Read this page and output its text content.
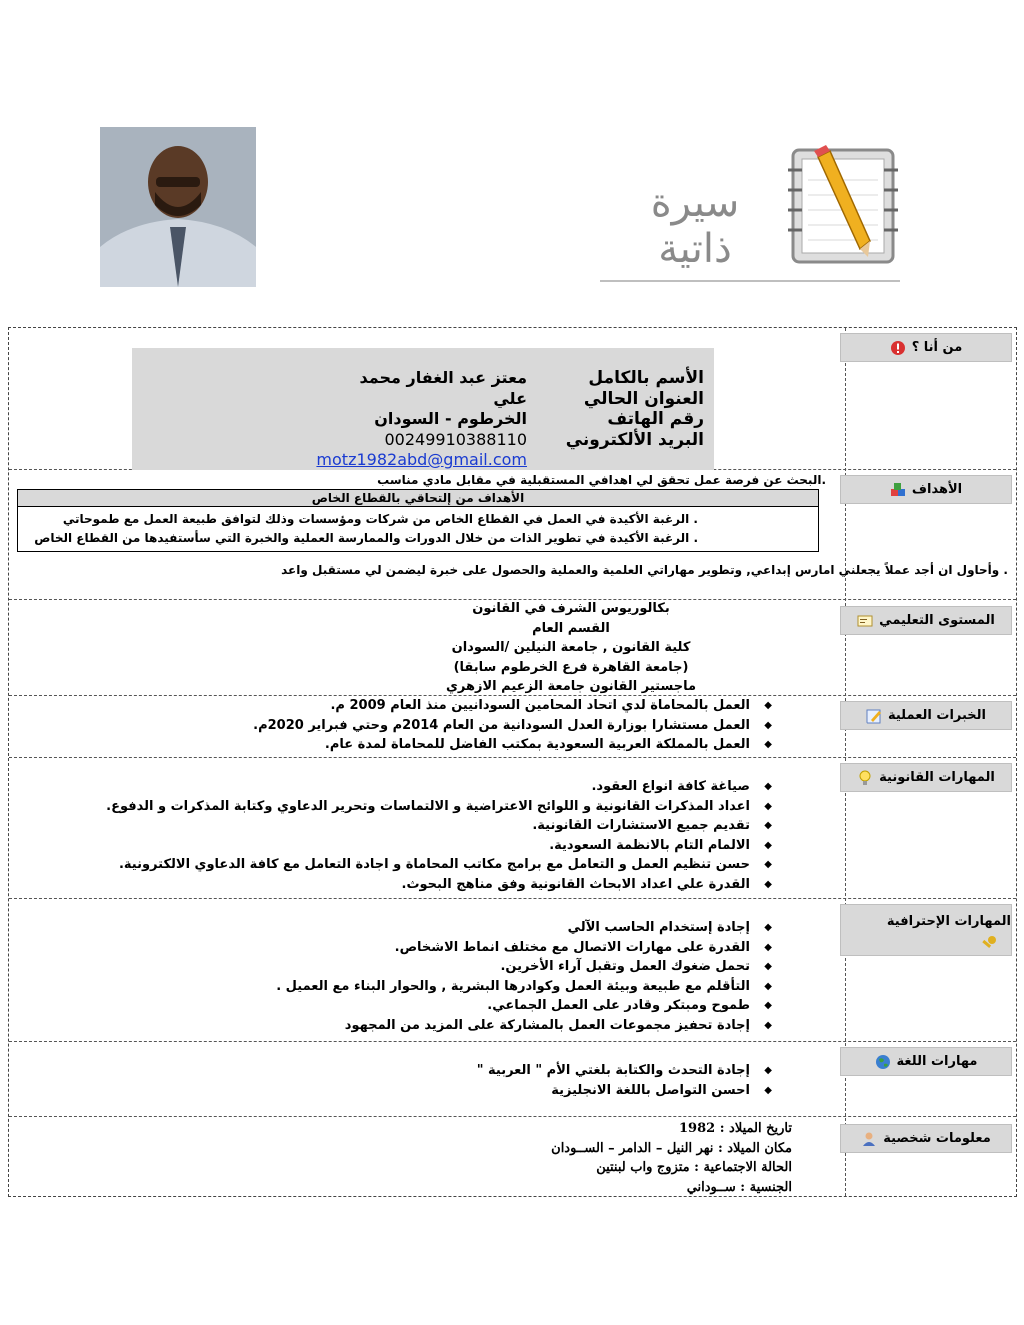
سيرة ذاتية
من أنا ؟
الأسم بالكامل
العنوان الحالي
رقم الهاتف
البريد الألكتروني
معتز عبد الغفار محمد علي
الخرطوم - السودان
00249910388110
motz1982abd@gmail.com
الأهداف
.البحث عن فرصة عمل تحقق لي اهدافي المستقبلية في مقابل مادي مناسب
الأهداف من إلتحاقي بالقطاع الخاص
. الرغبة الأكيدة في العمل في القطاع الخاص من شركات ومؤسسات وذلك لتوافق طبيعة العمل مع طموحاتي
. الرغبة الأكيدة في تطوير الذات من خلال الدورات والممارسة العملية والخبرة التي سأستفيدها من القطاع الخاص
. وأحاول ان أجد عملاً يجعلني امارس إبداعي, وتطوير مهاراتي العلمية والعملية والحصول على خبرة ليضمن لي مستقبل واعد
المستوى التعليمي
بكالوريوس الشرف في القانون
القسم العام
كلية القانون , جامعة النيلين /السودان
(جامعة القاهرة فرع الخرطوم سابقا)
ماجستير القانون جامعة الزعيم الازهري
الخبرات العملية
◆ العمل بالمحاماة لدي اتحاد المحامين السودانيين منذ العام 2009 م.
◆ العمل مستشارا بوزارة العدل السودانية من العام 2014م وحتي فبراير 2020م.
◆ العمل بالمملكة العربية السعودية بمكتب الفاضل للمحاماة لمدة عام.
المهارات القانونية
◆ صياغة كافة انواع العقود.
◆ اعداد المذكرات القانونية و اللوائح الاعتراضية و الالتماسات وتحرير الدعاوي وكتابة المذكرات و الدفوع.
◆ تقديم جميع الاستشارات القانونية.
◆ الالمام التام بالانظمة السعودية.
◆ حسن تنظيم العمل و التعامل مع برامج مكاتب المحاماة و اجادة التعامل مع كافة الدعاوي الالكترونية.
◆ القدرة علي اعداد الابحاث القانونية وفق مناهج البحوث.
المهارات الإحترافية
◆ إجادة إستخدام الحاسب الآلي
◆ القدرة على مهارات الاتصال مع مختلف انماط الاشخاص.
◆ تحمل ضغوك العمل وتقبل آراء الأخرين.
◆ التأقلم مع طبيعة وبيئة العمل وكوادرها البشرية , والحوار البناء مع العميل .
◆ طموح ومبتكر وقادر على العمل الجماعي.
◆ إجادة تحفيز مجموعات العمل بالمشاركة على المزيد من المجهود
مهارات اللغة
◆ إجادة التحدث والكتابة بلغتي الأم " العربية "
◆ احسن التواصل باللغة الانجليزية
معلومات شخصية
تاريخ الميلاد : 1982
مكان الميلاد : نهر النيل – الدامر – الســودان
الحالة الاجتماعية : متزوج واب لبنتين
الجنسية : ســوداني
